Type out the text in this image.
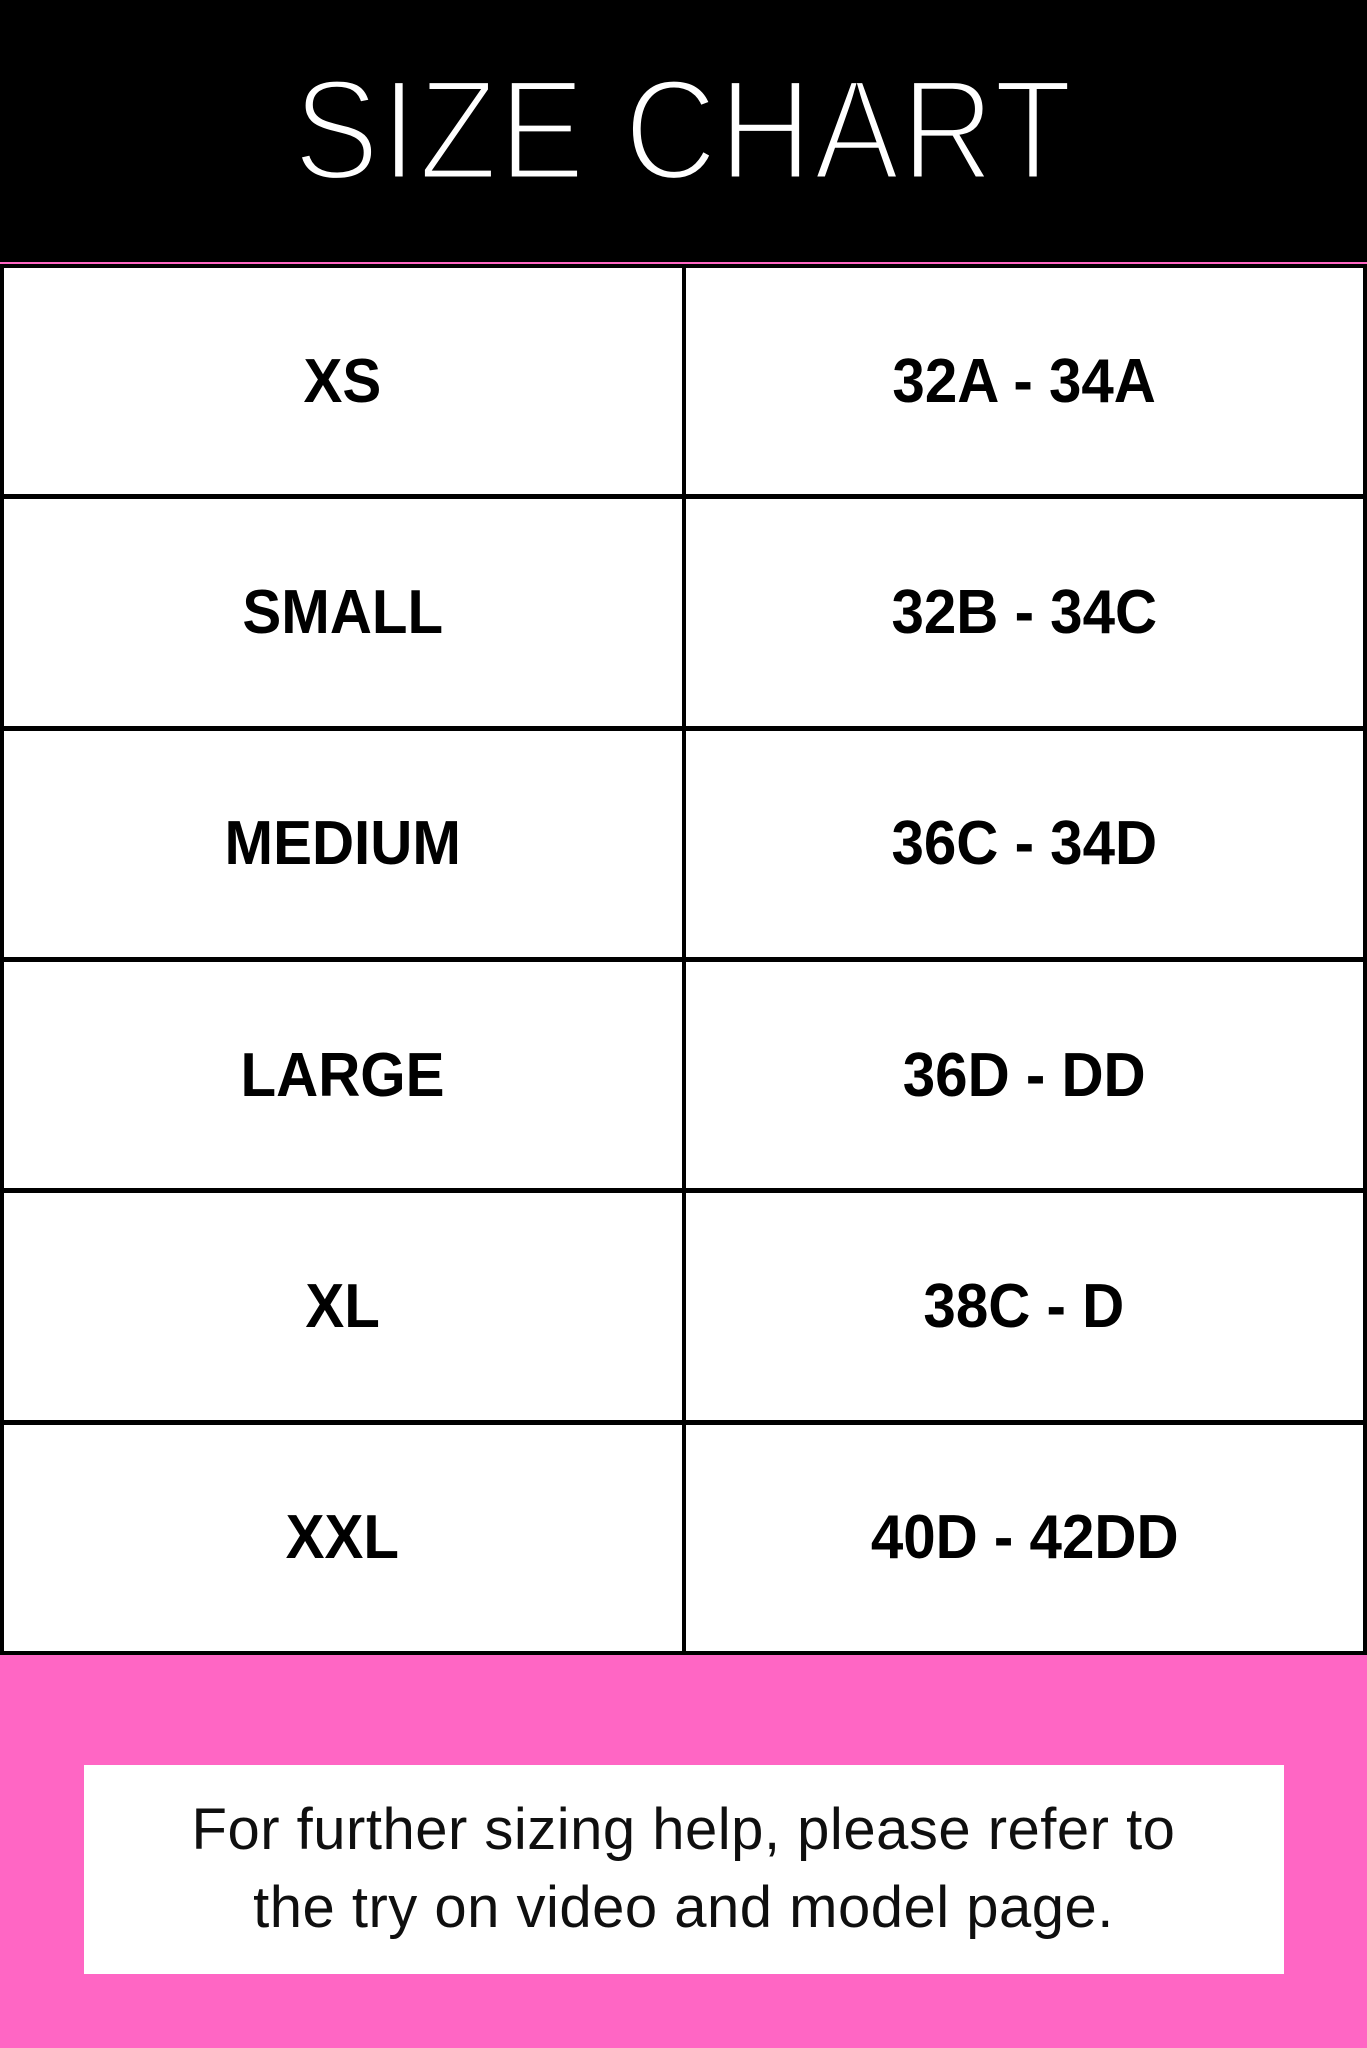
SIZE CHART
XS	32A - 34A
SMALL	32B - 34C
MEDIUM	36C - 34D
LARGE	36D - DD
XL	38C - D
XXL	40D - 42DD
For further sizing help, please refer to
the try on video and model page.
